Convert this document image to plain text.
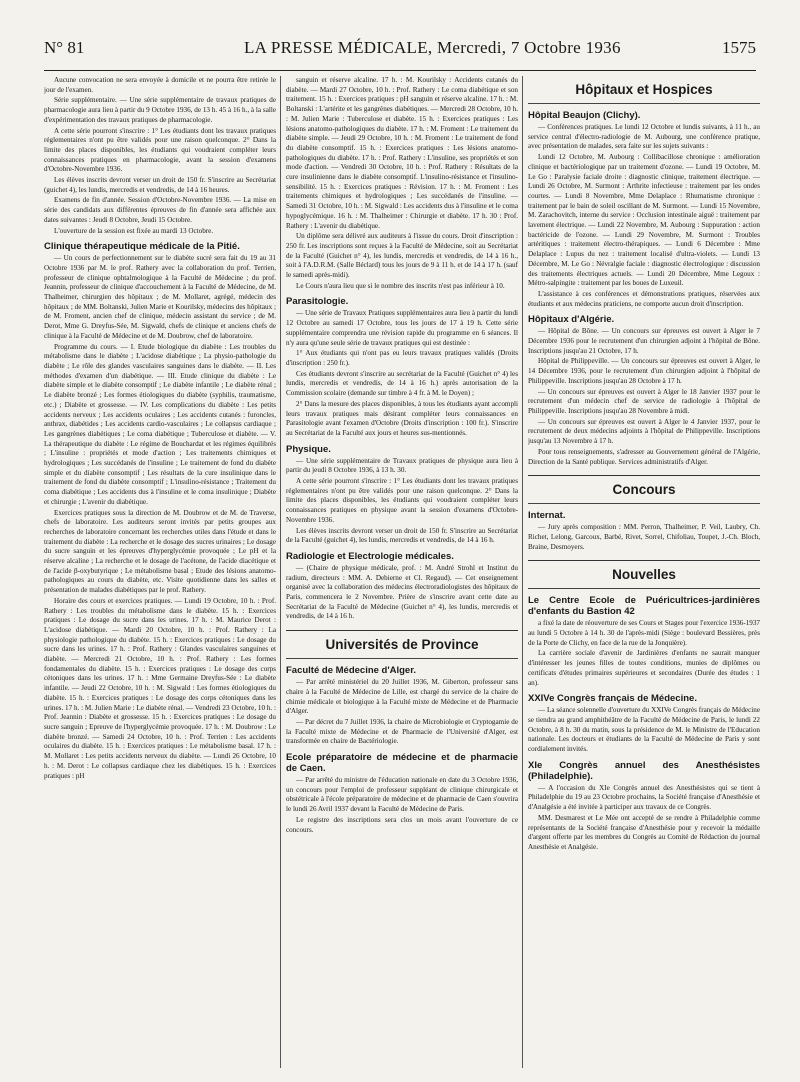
N° 81	LA PRESSE MÉDICALE, Mercredi, 7 Octobre 1936	1575

Aucune convocation ne sera envoyée à domicile et ne pourra être retirée le jour de l'examen.

Série supplémentaire. — Une série supplémentaire de travaux pratiques de pharmacologie aura lieu à partir du 9 Octobre 1936, de 13 h. 45 à 16 h., à la salle d'expérimentation des travaux pratiques de pharmacologie.

A cette série pourront s'inscrire : 1° Les étudiants dont les travaux pratiques réglementaires n'ont pu être validés pour une raison quelconque. 2° Dans la limite des places disponibles, les étudiants qui voudraient compléter leurs connaissances pratiques en pharmacologie, avant la session d'examens d'Octobre-Novembre 1936.

Les élèves inscrits devront verser un droit de 150 fr. S'inscrire au Secrétariat (guichet 4), les lundis, mercredis et vendredis, de 14 à 16 heures.

Examens de fin d'année. Session d'Octobre-Novembre 1936. — La mise en série des candidats aux différentes épreuves de fin d'année sera affichée aux dates suivantes : Jeudi 8 Octobre, Jeudi 15 Octobre.

L'ouverture de la session est fixée au mardi 13 Octobre.

Clinique thérapeutique médicale de la Pitié.

— Un cours de perfectionnement sur le diabète sucré sera fait du 19 au 31 Octobre 1936 par M. le prof. Rathery avec la collaboration du prof. Terrien, professeur de clinique ophtalmologique à la Faculté de Médecine ; du prof. Jeannin, professeur de clinique d'accouchement à la Faculté de Médecine, de M. Thalheimer, chirurgien des hôpitaux ; de M. Mollaret, agrégé, médecin des hôpitaux ; de MM. Boltanski, Julien Marie et Kourilsky, médecins des hôpitaux ; de M. Froment, ancien chef de clinique, médecin assistant du service ; de M. Derot, Mme G. Dreyfus-Sée, M. Sigwald, chefs de clinique et anciens chefs de clinique à la Faculté de Médecine et de M. Doubrow, chef de laboratoire.

Programme du cours. — I. Etude biologique du diabète : Les troubles du métabolisme dans le diabète ; L'acidose diabétique ; La physio-pathologie du diabète ; Le rôle des glandes vasculaires sanguines dans le diabète. — II. Les méthodes d'examen d'un diabétique. — III. Etude clinique du diabète : Le diabète simple et le diabète consomptif ; Le diabète infantile ; Le diabète rénal ; Le diabète bronzé ; Les formes étiologiques du diabète (syphilis, traumatisme, etc.) ; Diabète et grossesse. — IV. Les complications du diabète : Les petits accidents nerveux ; Les accidents oculaires ; Les accidents cutanés : furoncles, anthrax, diabétides ; Les accidents cardio-vasculaires ; Le collapsus cardiaque ; Les gangrènes diabétiques ; Le coma diabétique ; Tuberculose et diabète. — V. La thérapeutique du diabète : Le régime de Bouchardat et les régimes équilibrés ; L'insuline : propriétés et mode d'action ; Les traitements chimiques et hydrologiques ; Les succédanés de l'insuline ; Le traitement de fond du diabète simple et du diabète consomptif ; Les résultats de la cure insulinique dans le traitement de fond du diabète consomptif ; L'insulino-résistance ; Traitement du coma diabétique ; Les accidents dus à l'insuline et le coma insulinique ; Diabète et chirurgie ; L'avenir du diabétique.

Exercices pratiques sous la direction de M. Doubrow et de M. de Traverse, chefs de laboratoire. Les auditeurs seront invités par petits groupes aux recherches de laboratoire concernant les recherches utiles dans l'étude et dans le traitement du diabète : La recherche et le dosage des sucres urinaires ; Le dosage du sucre sanguin et les épreuves d'hyperglycémie provoquée ; Le pH et la réserve alcaline ; La recherche et le dosage de l'acétone, de l'acide diacétique et de l'acide β-oxybutyrique ; Le métabolisme basal ; Etude des lésions anatomo-pathologiques au cours du diabète, etc. Visite quotidienne dans les salles et présentation de malades diabétiques par le prof. Rathery.

Horaire des cours et exercices pratiques. — Lundi 19 Octobre, 10 h. : Prof. Rathery : Les troubles du métabolisme dans le diabète. 15 h. : Exercices pratiques : Le dosage du sucre dans les urines. 17 h. : M. Maurice Derot : L'acidose diabétique. — Mardi 20 Octobre, 10 h. : Prof. Rathery : La physiologie pathologique du diabète. 15 h. : Exercices pratiques : Le dosage du sucre dans les urines. 17 h. : Prof. Rathery : Glandes vasculaires sanguines et diabète. — Mercredi 21 Octobre, 10 h. : Prof. Rathery : Les formes fondamentales du diabète. 15 h. : Exercices pratiques : Le dosage des corps cétoniques dans les urines. 17 h. : Mme Germaine Dreyfus-Sée : Le diabète infantile. — Jeudi 22 Octobre, 10 h. : M. Sigwald : Les formes étiologiques du diabète. 15 h. : Exercices pratiques : Le dosage des corps cétoniques dans les urines. 17 h. : M. Julien Marie : Le diabète rénal. — Vendredi 23 Octobre, 10 h. : Prof. Jeannin : Diabète et grossesse. 15 h. : Exercices pratiques : Le dosage du sucre sanguin ; Epreuve de l'hyperglycémie provoquée. 17 h. : M. Doubrow : Le diabète bronzé. — Samedi 24 Octobre, 10 h. : Prof. Terrien : Les accidents oculaires du diabète. 15 h. : Exercices pratiques : Le métabolisme basal. 17 h. : M. Mollaret : Les petits accidents nerveux du diabète. — Lundi 26 Octobre, 10 h. : M. Derot : Le collapsus cardiaque chez les diabétiques. 15 h. : Exercices pratiques : pH

sanguin et réserve alcaline. 17 h. : M. Kourilsky : Accidents cutanés du diabète. — Mardi 27 Octobre, 10 h. : Prof. Rathery : Le coma diabétique et son traitement. 15 h. : Exercices pratiques : pH sanguin et réserve alcaline. 17 h. : M. Boltanski : L'artérite et les gangrènes diabétiques. — Mercredi 28 Octobre, 10 h. : M. Julien Marie : Tuberculose et diabète. 15 h. : Exercices pratiques : Les lésions anatomo-pathologiques du diabète. 17 h. : M. Froment : Le traitement du diabète simple. — Jeudi 29 Octobre, 10 h. : M. Froment : Le traitement de fond du diabète consomptif. 15 h. : Exercices pratiques : Les lésions anatomo-pathologiques du diabète. 17 h. : Prof. Rathery : L'insuline, ses propriétés et son mode d'action. — Vendredi 30 Octobre, 10 h. : Prof. Rathery : Résultats de la cure insulinienne dans le diabète consomptif. L'insulino-résistance et l'insulino-sensibilité. 15 h. : Exercices pratiques : Révision. 17 h. : M. Froment : Les traitements chimiques et hydrologiques ; Les succédanés de l'insuline. — Samedi 31 Octobre, 10 h. : M. Sigwald : Les accidents dus à l'insuline et le coma hypoglycémique. 16 h. : M. Thalheimer : Chirurgie et diabète. 17 h. 30 : Prof. Rathery : L'avenir du diabétique.

Un diplôme sera délivré aux auditeurs à l'issue du cours. Droit d'inscription : 250 fr. Les inscriptions sont reçues à la Faculté de Médecine, soit au Secrétariat de la Faculté (Guichet n° 4), les lundis, mercredis et vendredis, de 14 à 16 h., soit à l'A.D.R.M. (Salle Béclard) tous les jours de 9 à 11 h. et de 14 à 17 h. (sauf le samedi après-midi).

Le Cours n'aura lieu que si le nombre des inscrits n'est pas inférieur à 10.

Parasitologie.

— Une série de Travaux Pratiques supplémentaires aura lieu à partir du lundi 12 Octobre au samedi 17 Octobre, tous les jours de 17 à 19 h. Cette série supplémentaire comprendra une révision rapide du programme en 6 séances. Il n'y aura qu'une seule série de travaux pratiques qui est destinée :

1° Aux étudiants qui n'ont pas eu leurs travaux pratiques validés (Droits d'inscription : 250 fr.).

Ces étudiants devront s'inscrire au secrétariat de la Faculté (Guichet n° 4) les lundis, mercredis et vendredis, de 14 à 16 h.) après autorisation de la Commission scolaire (demande sur timbre à 4 fr. à M. le Doyen) ;

2° Dans la mesure des places disponibles, à tous les étudiants ayant accompli leurs travaux pratiques mais désirant compléter leurs connaissances en Parasitologie avant l'examen d'Octobre (Droits d'inscription : 100 fr.). S'inscrire au Secrétariat de la Faculté aux jours et heures sus-mentionnés.

Physique.

— Une série supplémentaire de Travaux pratiques de physique aura lieu à partir du jeudi 8 Octobre 1936, à 13 h. 30.

A cette série pourront s'inscrire : 1° Les étudiants dont les travaux pratiques réglementaires n'ont pu être validés pour une raison quelconque. 2° Dans la limite des places disponibles, les étudiants qui voudraient compléter leurs connaissances pratiques en physique avant la session d'examens d'Octobre-Novembre 1936.

Les élèves inscrits devront verser un droit de 150 fr. S'inscrire au Secrétariat de la Faculté (guichet 4), les lundis, mercredis et vendredis, de 14 à 16 h.

Radiologie et Electrologie médicales.

— (Chaire de physique médicale, prof. : M. André Strohl et Institut du radium, directeurs : MM. A. Debierne et Cl. Regaud). — Cet enseignement organisé avec la collaboration des médecins électroradiologistes des hôpitaux de Paris, commencera le 2 Novembre. Prière de s'inscrire avant cette date au Secrétariat de la Faculté de Médecine (Guichet n° 4), les lundis, mercredis et vendredis, de 14 à 16 h.

Universités de Province
Faculté de Médecine d'Alger.

— Par arrêté ministériel du 20 Juillet 1936, M. Giberton, professeur sans chaire à la Faculté de Médecine de Lille, est chargé du service de la chaire de chimie médicale et biologique à la Faculté mixte de Médecine et de Pharmacie d'Alger.

— Par décret du 7 Juillet 1936, la chaire de Microbiologie et Cryptogamie de la Faculté mixte de Médecine et de Pharmacie de l'Université d'Alger, est transformée en chaire de Bactériologie.

Ecole préparatoire de médecine et de pharmacie de Caen.

— Par arrêté du ministre de l'éducation nationale en date du 3 Octobre 1936, un concours pour l'emploi de professeur suppléant de clinique chirurgicale et obstétricale à l'école préparatoire de médecine et de pharmacie de Caen s'ouvrira le lundi 26 Avril 1937 devant la Faculté de Médecine de Paris.

Le registre des inscriptions sera clos un mois avant l'ouverture de ce concours.

Hôpitaux et Hospices
Hôpital Beaujon (Clichy).

— Conférences pratiques. Le lundi 12 Octobre et lundis suivants, à 11 h., au service central d'électro-radiologie de M. Aubourg, une conférence pratique, avec présentation de malades, sera faite sur les sujets suivants :

Lundi 12 Octobre, M. Aubourg : Collibacillose chronique : amélioration clinique et bactériologique par un traitement d'ozone. — Lundi 19 Octobre, M. Le Go : Paralysie faciale droite : diagnostic clinique, traitement électrique. — Lundi 26 Octobre, M. Surmont : Arthrite infectieuse : traitement par les ondes courtes. — Lundi 8 Novembre, Mme Delaplace : Rhumatisme chronique : traitement par le bain de soleil oscillant de M. Surmont. — Lundi 15 Novembre, M. Zarachovitch, interne du service : Occlusion intestinale aiguë : traitement par lavement électrique. — Lundi 22 Novembre, M. Aubourg : Suppuration : action bactéricide de l'ozone. — Lundi 29 Novembre, M. Surmont : Troubles artéritiques : traitement électro-thérapiques. — Lundi 6 Décembre : Mme Delaplace : Lupus du nez : traitement localisé d'ultra-violets. — Lundi 13 Décembre, M. Le Go : Névralgie faciale : diagnostic électrologique : discussion des traitements électriques actuels. — Lundi 20 Décembre, Mme Legoux : Métro-salpingite : traitement par les boues de Luxeuil.

L'assistance à ces conférences et démonstrations pratiques, réservées aux étudiants et aux médecins praticiens, ne comporte aucun droit d'inscription.

Hôpitaux d'Algérie.

— Hôpital de Bône. — Un concours sur épreuves est ouvert à Alger le 7 Décembre 1936 pour le recrutement d'un chirurgien adjoint à l'hôpital de Bône. Inscriptions jusqu'au 21 Octobre, 17 h.

Hôpital de Philippeville. — Un concours sur épreuves est ouvert à Alger, le 14 Décembre 1936, pour le recrutement d'un chirurgien adjoint à l'hôpital de Philippeville. Inscriptions jusqu'au 28 Octobre à 17 h.

— Un concours sur épreuves est ouvert à Alger le 18 Janvier 1937 pour le recrutement d'un médecin chef de service de radiologie à l'hôpital de Philippeville. Inscriptions jusqu'au 28 Novembre à midi.

— Un concours sur épreuves est ouvert à Alger le 4 Janvier 1937, pour le recrutement de deux médecins adjoints à l'hôpital de Philippeville. Inscriptions jusqu'au 13 Novembre à 17 h.

Pour tous renseignements, s'adresser au Gouvernement général de l'Algérie, Direction de la Santé publique. Services administratifs d'Alger.

Concours
Internat.

— Jury après composition : MM. Perron, Thalheimer, P. Veil, Laubry, Ch. Richet, Lelong, Garcoux, Barbé, Rivet, Sorrel, Chifoliau, Toupet, J.-Ch. Bloch, Braine, Desmoyers.

Nouvelles
Le Centre Ecole de Puéricultrices-jardinières d'enfants du Bastion 42

a fixé la date de réouverture de ses Cours et Stages pour l'exercice 1936-1937 au lundi 5 Octobre à 14 h. 30 de l'après-midi (Siège : boulevard Bessières, près de la Porte de Clichy, en face de la rue de la Jonquière).

La carrière sociale d'avenir de Jardinières d'enfants ne saurait manquer d'intéresser les jeunes filles de toutes conditions, munies de diplômes ou certificats d'études primaires supérieures et secondaires (Durée des études : 1 an).

XXIVe Congrès français de Médecine.

— La séance solennelle d'ouverture du XXIVe Congrès français de Médecine se tiendra au grand amphithéâtre de la Faculté de Médecine de Paris, le lundi 22 Octobre, à 8 h. 30 du matin, sous la présidence de M. le Ministre de l'Education nationale. Les docteurs et étudiants de la Faculté de Médecine de Paris y sont cordialement invités.

XIe Congrès annuel des Anesthésistes (Philadelphie).

— A l'occasion du XIe Congrès annuel des Anesthésistes qui se tient à Philadelphie du 19 au 23 Octobre prochains, la Société française d'Anesthésie et d'Analgésie a été invitée à participer aux travaux de ce Congrès.

MM. Desmarest et Le Mée ont accepté de se rendre à Philadelphie comme représentants de la Société française d'Anesthésie pour y recevoir la médaille d'argent offerte par les membres du Congrès au Comité de Rédaction du journal Anesthésie et Analgésie.
